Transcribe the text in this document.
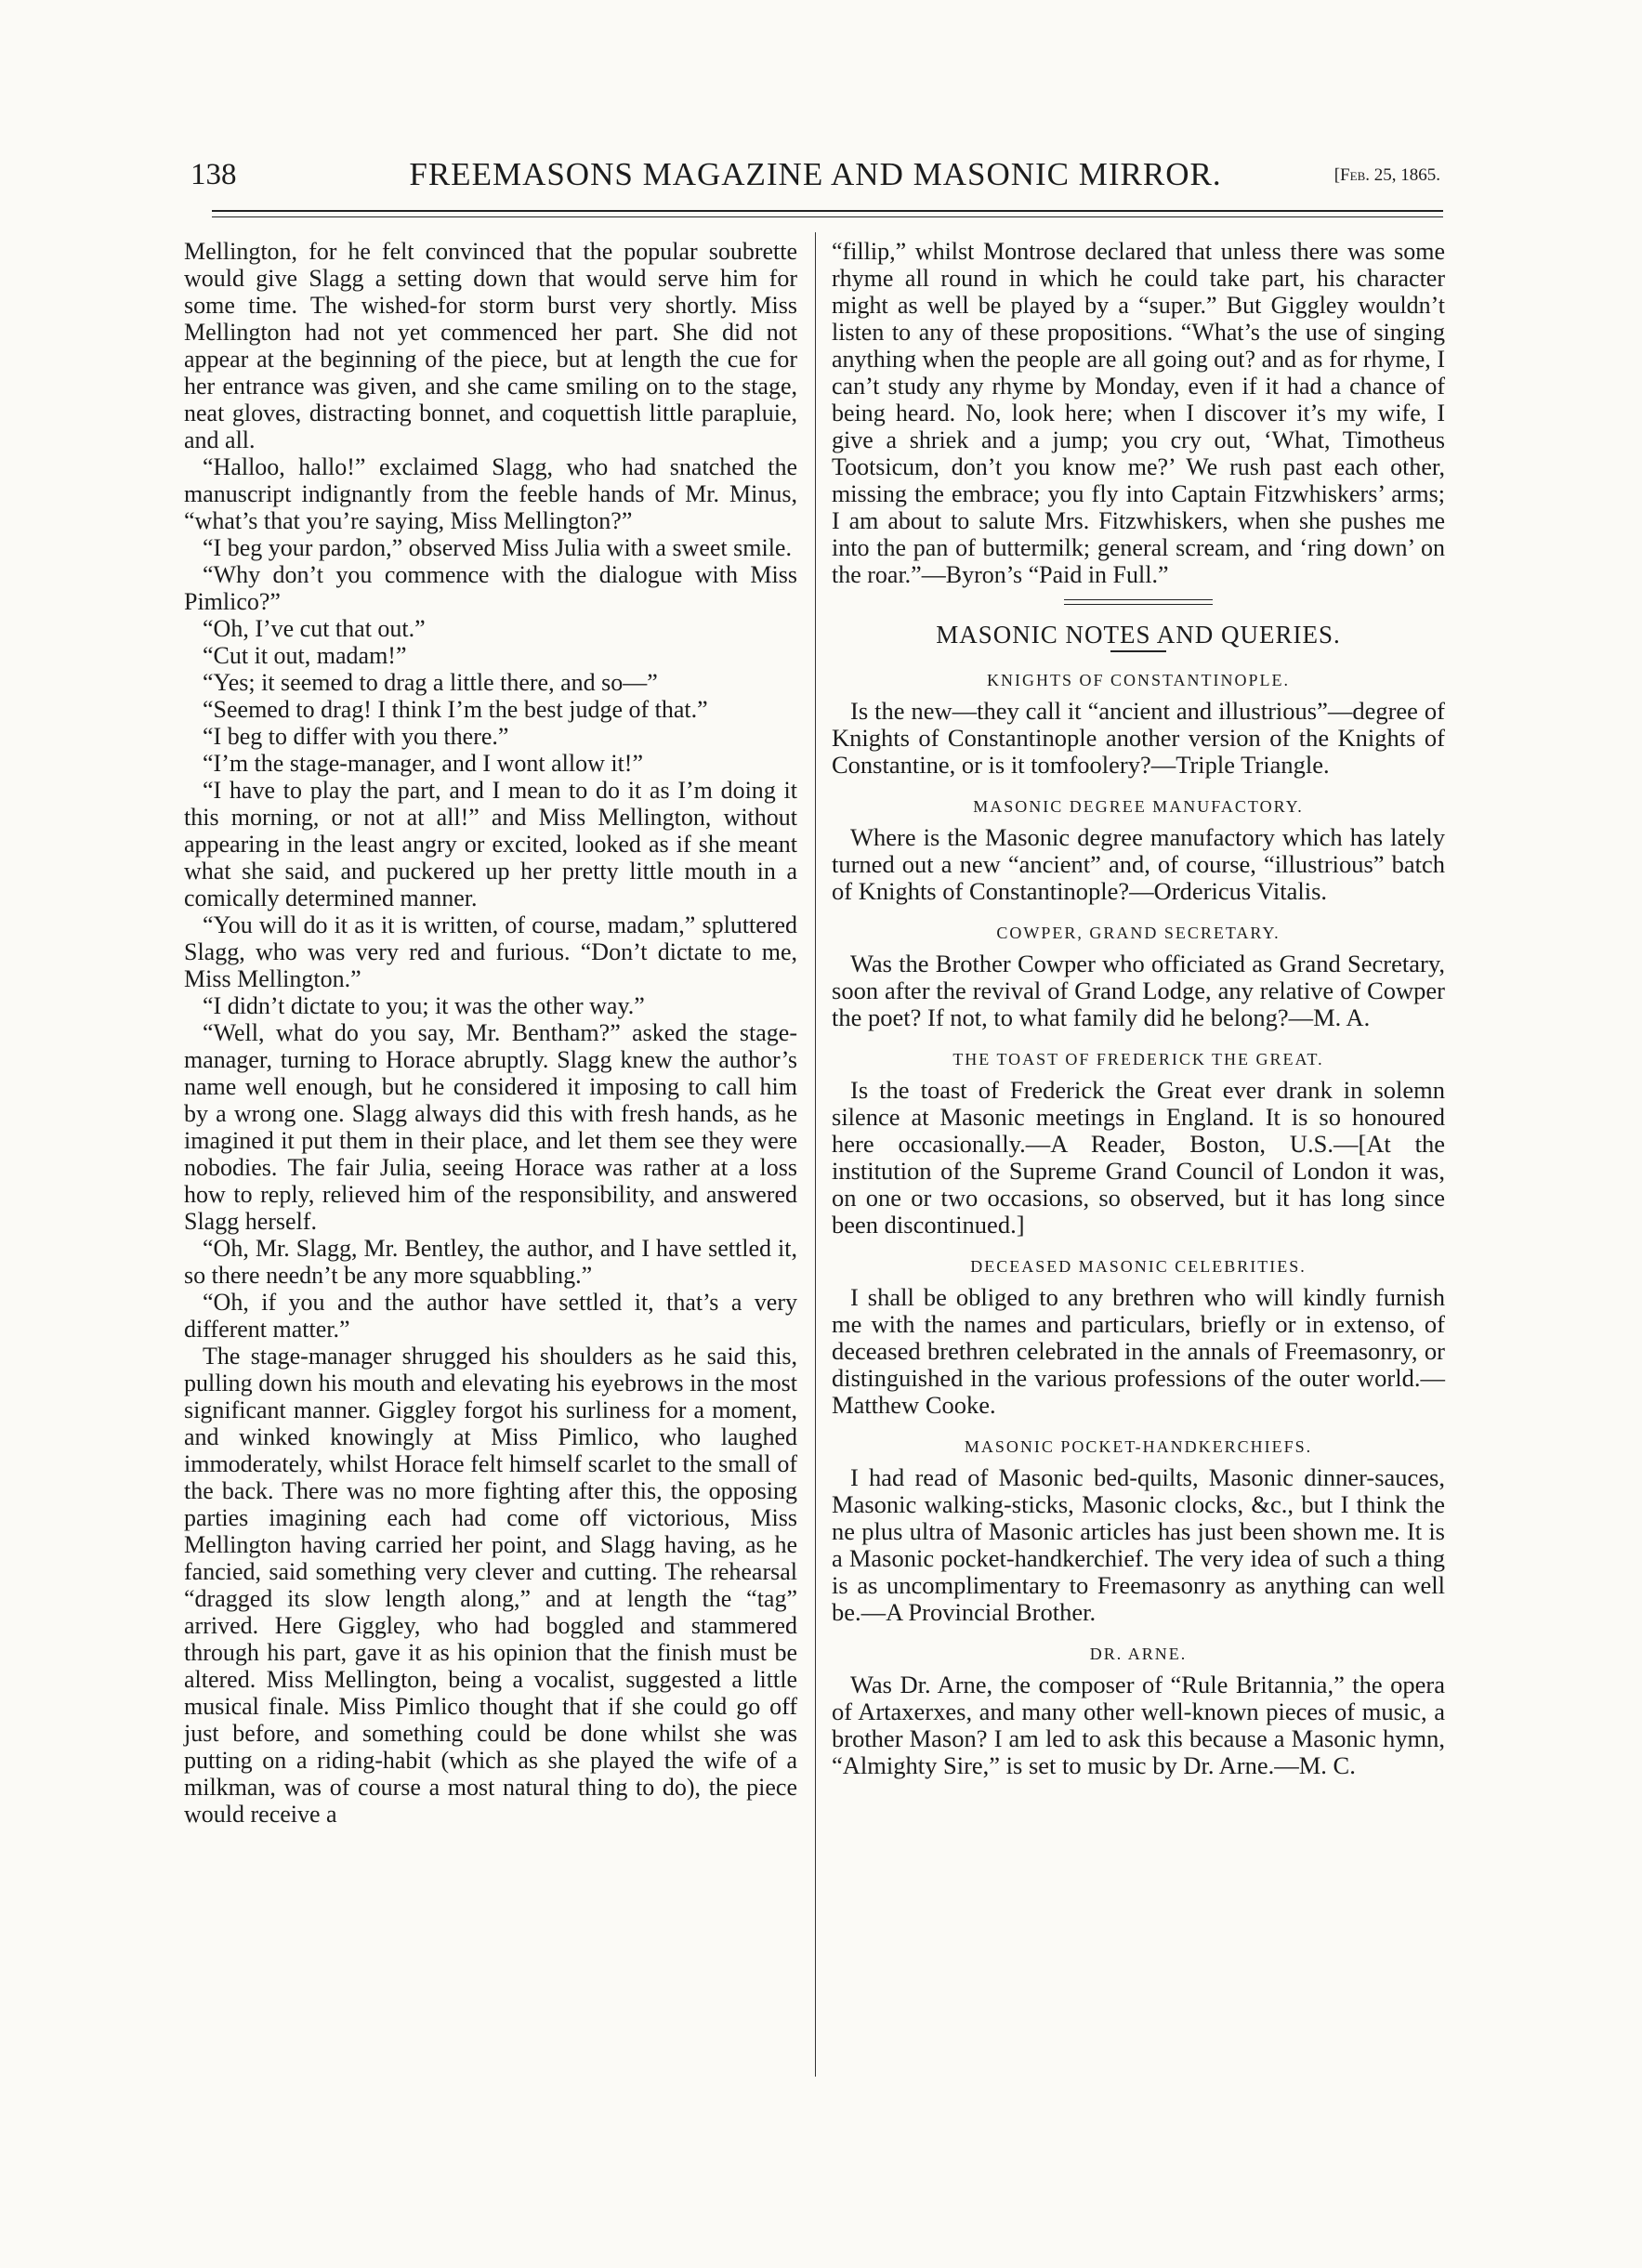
138	FREEMASONS MAGAZINE AND MASONIC MIRROR.	[Feb. 25, 1865.

Mellington, for he felt convinced that the popular soubrette would give Slagg a setting down that would serve him for some time. The wished-for storm burst very shortly. Miss Mellington had not yet commenced her part. She did not appear at the beginning of the piece, but at length the cue for her entrance was given, and she came smiling on to the stage, neat gloves, distracting bonnet, and coquettish little parapluie, and all.

“Halloo, hallo!” exclaimed Slagg, who had snatched the manuscript indignantly from the feeble hands of Mr. Minus, “what’s that you’re saying, Miss Mellington?”

“I beg your pardon,” observed Miss Julia with a sweet smile.

“Why don’t you commence with the dialogue with Miss Pimlico?”

“Oh, I’ve cut that out.”

“Cut it out, madam!”

“Yes; it seemed to drag a little there, and so—”

“Seemed to drag! I think I’m the best judge of that.”

“I beg to differ with you there.”

“I’m the stage-manager, and I wont allow it!”

“I have to play the part, and I mean to do it as I’m doing it this morning, or not at all!” and Miss Mellington, without appearing in the least angry or excited, looked as if she meant what she said, and puckered up her pretty little mouth in a comically determined manner.

“You will do it as it is written, of course, madam,” spluttered Slagg, who was very red and furious. “Don’t dictate to me, Miss Mellington.”

“I didn’t dictate to you; it was the other way.”

“Well, what do you say, Mr. Bentham?” asked the stage-manager, turning to Horace abruptly. Slagg knew the author’s name well enough, but he considered it imposing to call him by a wrong one. Slagg always did this with fresh hands, as he imagined it put them in their place, and let them see they were nobodies. The fair Julia, seeing Horace was rather at a loss how to reply, relieved him of the responsibility, and answered Slagg herself.

“Oh, Mr. Slagg, Mr. Bentley, the author, and I have settled it, so there needn’t be any more squabbling.”

“Oh, if you and the author have settled it, that’s a very different matter.”

The stage-manager shrugged his shoulders as he said this, pulling down his mouth and elevating his eyebrows in the most significant manner. Giggley forgot his surliness for a moment, and winked knowingly at Miss Pimlico, who laughed immoderately, whilst Horace felt himself scarlet to the small of the back. There was no more fighting after this, the opposing parties imagining each had come off victorious, Miss Mellington having carried her point, and Slagg having, as he fancied, said something very clever and cutting. The rehearsal “dragged its slow length along,” and at length the “tag” arrived. Here Giggley, who had boggled and stammered through his part, gave it as his opinion that the finish must be altered. Miss Mellington, being a vocalist, suggested a little musical finale. Miss Pimlico thought that if she could go off just before, and something could be done whilst she was putting on a riding-habit (which as she played the wife of a milkman, was of course a most natural thing to do), the piece would receive a

“fillip,” whilst Montrose declared that unless there was some rhyme all round in which he could take part, his character might as well be played by a “super.” But Giggley wouldn’t listen to any of these propositions. “What’s the use of singing anything when the people are all going out? and as for rhyme, I can’t study any rhyme by Monday, even if it had a chance of being heard. No, look here; when I discover it’s my wife, I give a shriek and a jump; you cry out, ‘What, Timotheus Tootsicum, don’t you know me?’ We rush past each other, missing the embrace; you fly into Captain Fitzwhiskers’ arms; I am about to salute Mrs. Fitzwhiskers, when she pushes me into the pan of buttermilk; general scream, and ‘ring down’ on the roar.”—Byron’s “Paid in Full.”

MASONIC NOTES AND QUERIES.
KNIGHTS OF CONSTANTINOPLE.

Is the new—they call it “ancient and illustrious”—degree of Knights of Constantinople another version of the Knights of Constantine, or is it tomfoolery?—Triple Triangle.

MASONIC DEGREE MANUFACTORY.

Where is the Masonic degree manufactory which has lately turned out a new “ancient” and, of course, “illustrious” batch of Knights of Constantinople?—Ordericus Vitalis.

COWPER, GRAND SECRETARY.

Was the Brother Cowper who officiated as Grand Secretary, soon after the revival of Grand Lodge, any relative of Cowper the poet? If not, to what family did he belong?—M. A.

THE TOAST OF FREDERICK THE GREAT.

Is the toast of Frederick the Great ever drank in solemn silence at Masonic meetings in England. It is so honoured here occasionally.—A Reader, Boston, U.S.—[At the institution of the Supreme Grand Council of London it was, on one or two occasions, so observed, but it has long since been discontinued.]

DECEASED MASONIC CELEBRITIES.

I shall be obliged to any brethren who will kindly furnish me with the names and particulars, briefly or in extenso, of deceased brethren celebrated in the annals of Freemasonry, or distinguished in the various professions of the outer world.—Matthew Cooke.

MASONIC POCKET-HANDKERCHIEFS.

I had read of Masonic bed-quilts, Masonic dinner-sauces, Masonic walking-sticks, Masonic clocks, &c., but I think the ne plus ultra of Masonic articles has just been shown me. It is a Masonic pocket-handkerchief. The very idea of such a thing is as uncomplimentary to Freemasonry as anything can well be.—A Provincial Brother.

DR. ARNE.

Was Dr. Arne, the composer of “Rule Britannia,” the opera of Artaxerxes, and many other well-known pieces of music, a brother Mason? I am led to ask this because a Masonic hymn, “Almighty Sire,” is set to music by Dr. Arne.—M. C.
